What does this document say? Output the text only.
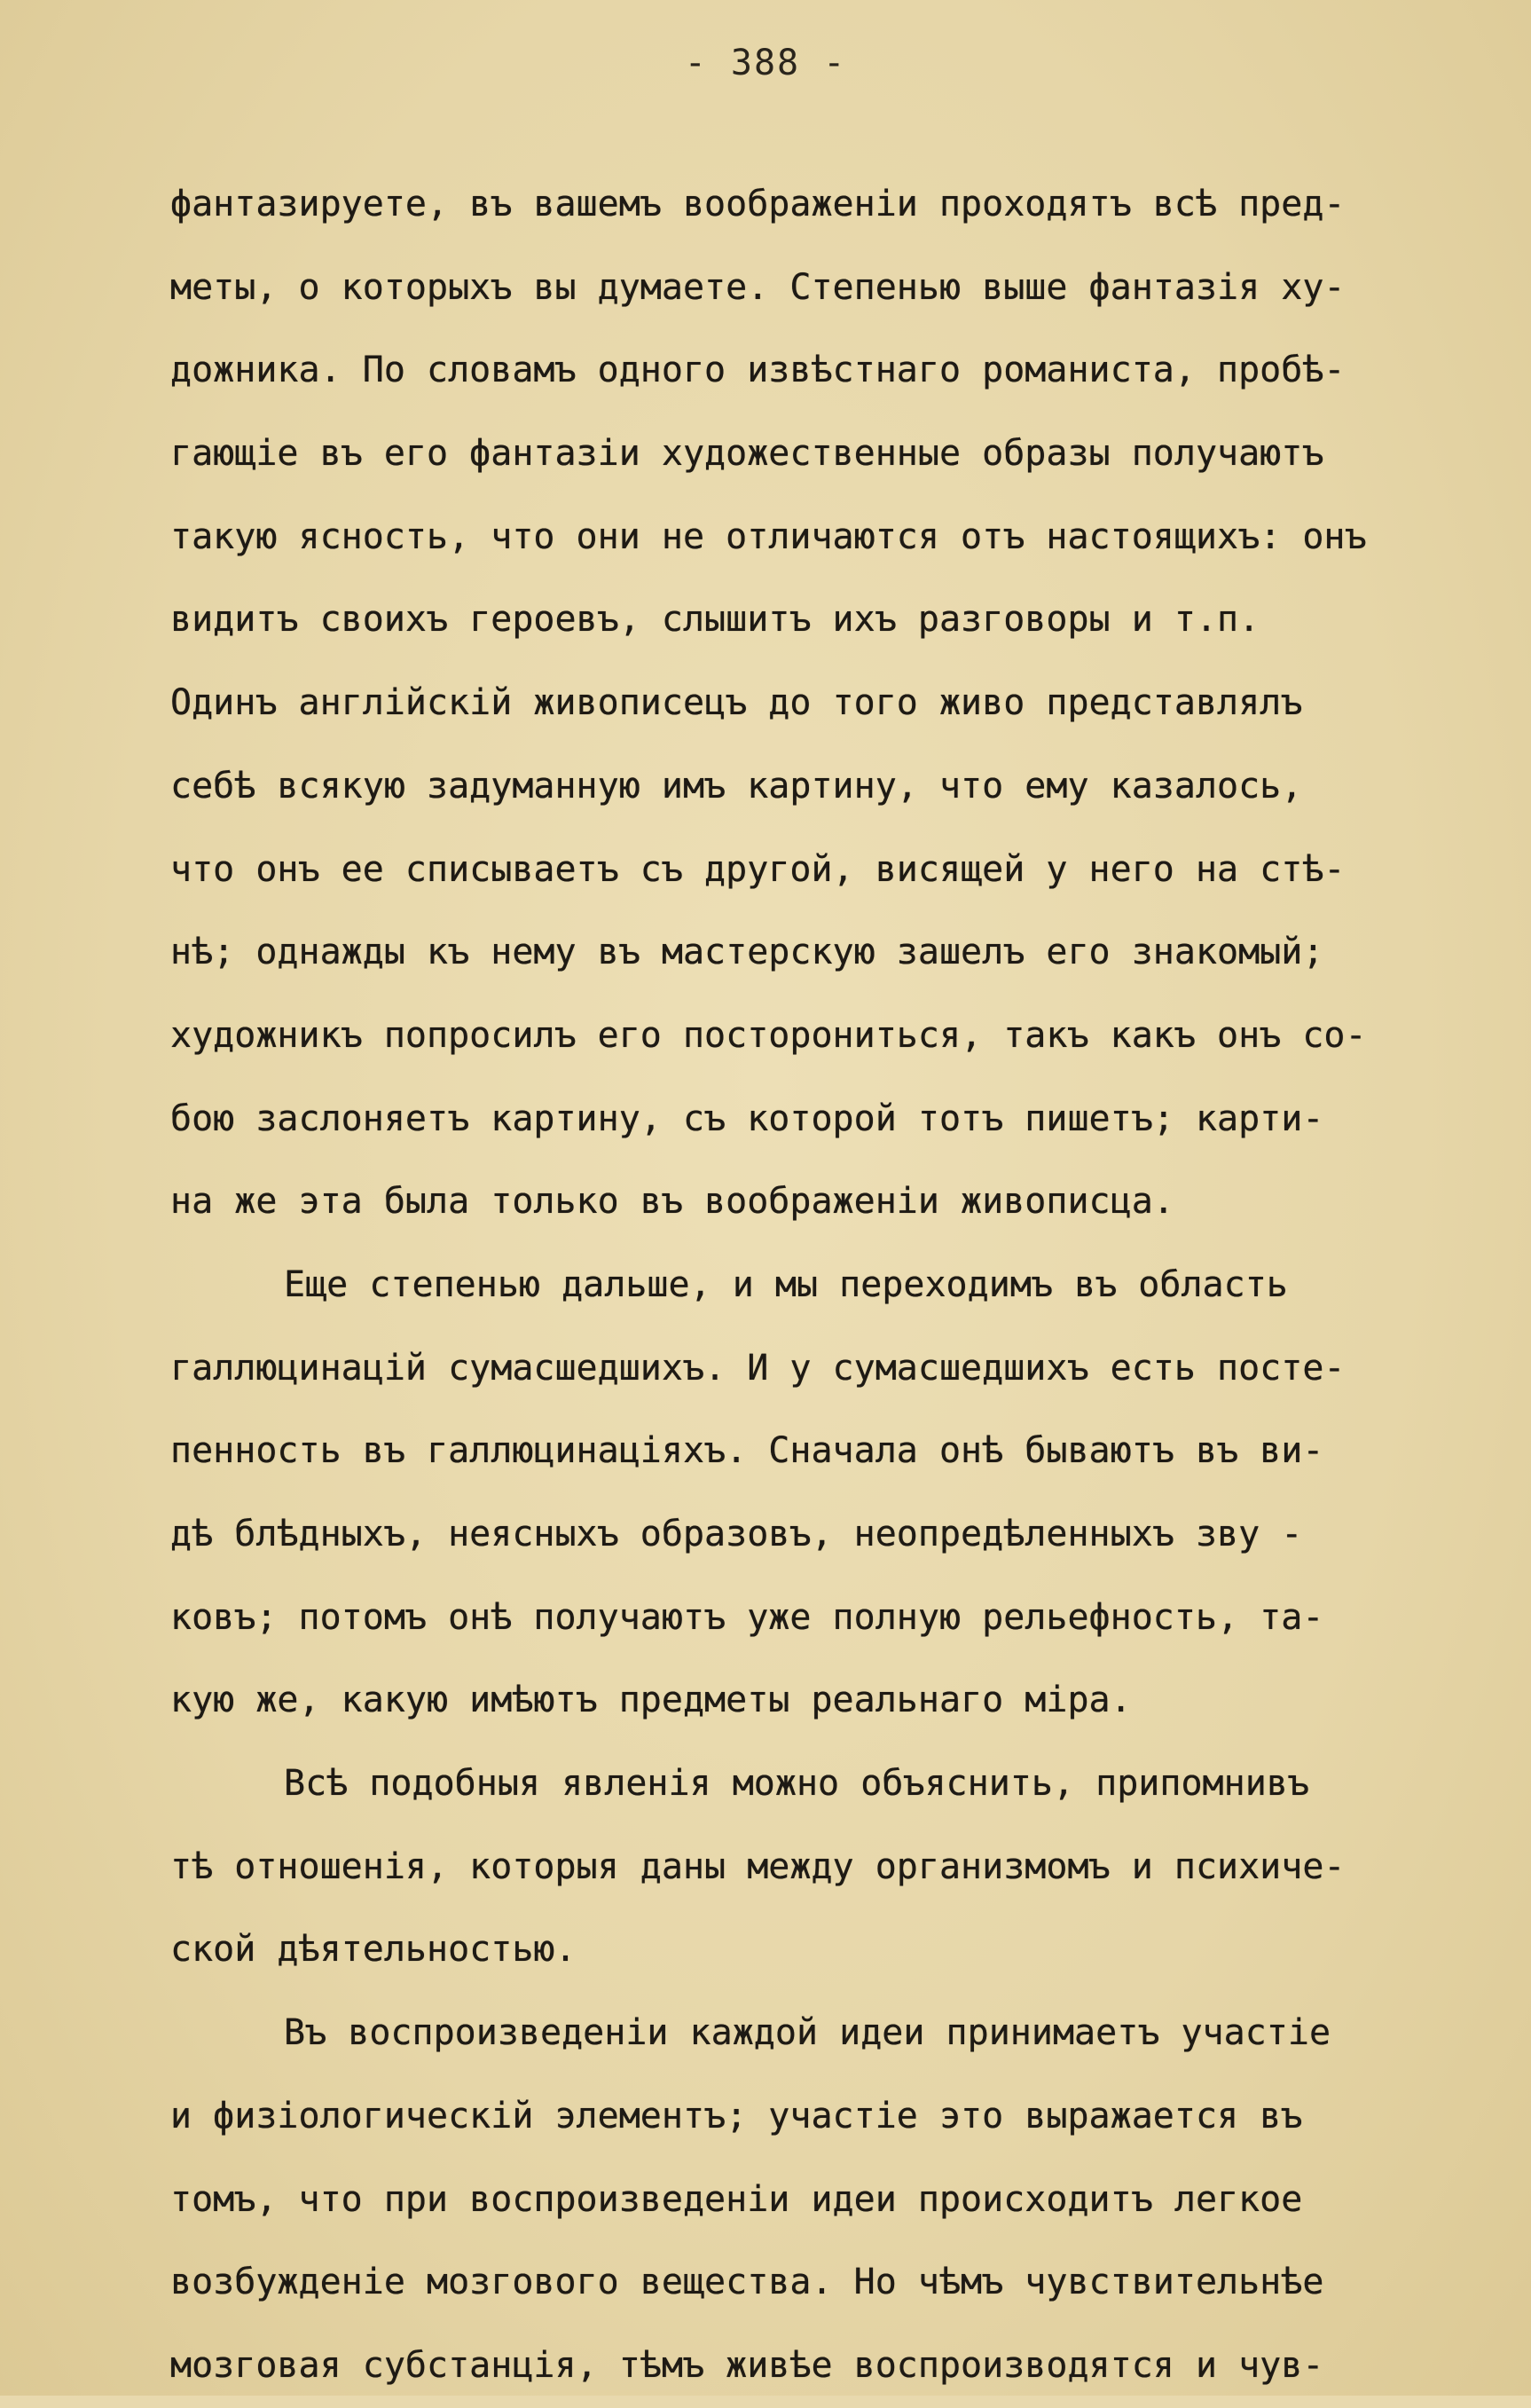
- 388 -
фантазируете, въ вашемъ воображенiи проходятъ всѣ пред-
меты, о которыхъ вы думаете. Степенью выше фантазiя ху-
дожника. По словамъ одного извѣстнаго романиста, пробѣ-
гающiе въ его фантазiи художественные образы получаютъ
такую ясность, что они не отличаются отъ настоящихъ: онъ
видитъ своихъ героевъ, слышитъ ихъ разговоры и т.п.
Одинъ англiйскiй живописецъ до того живо представлялъ
себѣ всякую задуманную имъ картину, что ему казалось,
что онъ ее списываетъ съ другой, висящей у него на стѣ-
нѣ; однажды къ нему въ мастерскую зашелъ его знакомый;
художникъ попросилъ его посторониться, такъ какъ онъ со-
бою заслоняетъ картину, съ которой тотъ пишетъ; карти-
на же эта была только въ воображенiи живописца.
Еще степенью дальше, и мы переходимъ въ область
галлюцинацiй сумасшедшихъ. И у сумасшедшихъ есть посте-
пенность въ галлюцинацiяхъ. Сначала онѣ бываютъ въ ви-
дѣ блѣдныхъ, неясныхъ образовъ, неопредѣленныхъ зву -
ковъ; потомъ онѣ получаютъ уже полную рельефность, та-
кую же, какую имѣютъ предметы реальнаго мiра.
Всѣ подобныя явленiя можно объяснить, припомнивъ
тѣ отношенiя, которыя даны между организмомъ и психиче-
ской дѣятельностью.
Въ воспроизведенiи каждой идеи принимаетъ участiе
и физiологическiй элементъ; участiе это выражается въ
томъ, что при воспроизведенiи идеи происходитъ легкое
возбужденiе мозгового вещества. Но чѣмъ чувствительнѣе
мозговая субстанцiя, тѣмъ живѣе воспроизводятся и чув-
